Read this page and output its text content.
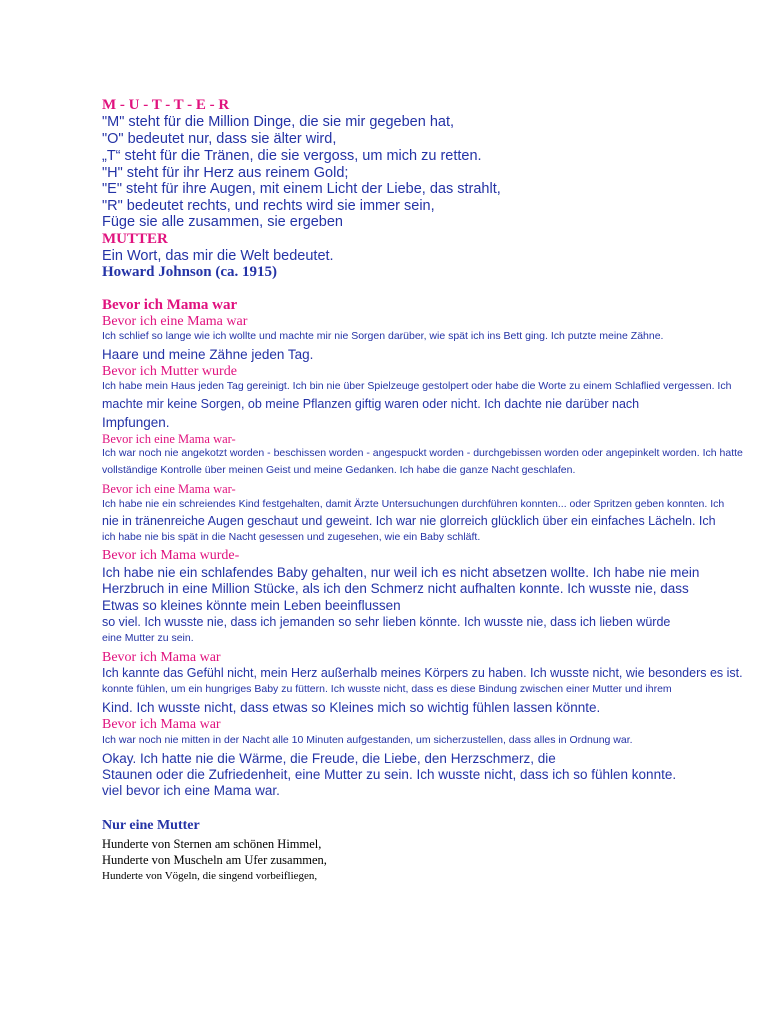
M - U - T - T - E - R
"M" steht für die Million Dinge, die sie mir gegeben hat,
"O" bedeutet nur, dass sie älter wird,
„T“ steht für die Tränen, die sie vergoss, um mich zu retten.
"H" steht für ihr Herz aus reinem Gold;
"E" steht für ihre Augen, mit einem Licht der Liebe, das strahlt,
"R" bedeutet rechts, und rechts wird sie immer sein,
Füge sie alle zusammen, sie ergeben
MUTTER
Ein Wort, das mir die Welt bedeutet.
Howard Johnson (ca. 1915)
Bevor ich Mama war
Bevor ich eine Mama war
Ich schlief so lange wie ich wollte und machte mir nie Sorgen darüber, wie spät ich ins Bett ging. Ich putzte meine Zähne.
Haare und meine Zähne jeden Tag.
Bevor ich Mutter wurde
Ich habe mein Haus jeden Tag gereinigt. Ich bin nie über Spielzeuge gestolpert oder habe die Worte zu einem Schlaflied vergessen. Ich
machte mir keine Sorgen, ob meine Pflanzen giftig waren oder nicht. Ich dachte nie darüber nach
Impfungen.
Bevor ich eine Mama war-
Ich war noch nie angekotzt worden - beschissen worden - angespuckt worden - durchgebissen worden oder angepinkelt worden. Ich hatte
vollständige Kontrolle über meinen Geist und meine Gedanken. Ich habe die ganze Nacht geschlafen.
Bevor ich eine Mama war-
Ich habe nie ein schreiendes Kind festgehalten, damit Ärzte Untersuchungen durchführen konnten... oder Spritzen geben konnten. Ich
nie in tränenreiche Augen geschaut und geweint. Ich war nie glorreich glücklich über ein einfaches Lächeln. Ich
ich habe nie bis spät in die Nacht gesessen und zugesehen, wie ein Baby schläft.
Bevor ich Mama wurde-
Ich habe nie ein schlafendes Baby gehalten, nur weil ich es nicht absetzen wollte. Ich habe nie mein
Herzbruch in eine Million Stücke, als ich den Schmerz nicht aufhalten konnte. Ich wusste nie, dass
Etwas so kleines könnte mein Leben beeinflussen
so viel. Ich wusste nie, dass ich jemanden so sehr lieben könnte. Ich wusste nie, dass ich lieben würde
eine Mutter zu sein.
Bevor ich Mama war
Ich kannte das Gefühl nicht, mein Herz außerhalb meines Körpers zu haben. Ich wusste nicht, wie besonders es ist.
konnte fühlen, um ein hungriges Baby zu füttern. Ich wusste nicht, dass es diese Bindung zwischen einer Mutter und ihrem
Kind. Ich wusste nicht, dass etwas so Kleines mich so wichtig fühlen lassen könnte.
Bevor ich Mama war
Ich war noch nie mitten in der Nacht alle 10 Minuten aufgestanden, um sicherzustellen, dass alles in Ordnung war.
Okay. Ich hatte nie die Wärme, die Freude, die Liebe, den Herzschmerz, die
Staunen oder die Zufriedenheit, eine Mutter zu sein. Ich wusste nicht, dass ich so fühlen konnte.
viel bevor ich eine Mama war.
Nur eine Mutter
Hunderte von Sternen am schönen Himmel,
Hunderte von Muscheln am Ufer zusammen,
Hunderte von Vögeln, die singend vorbeifliegen,
